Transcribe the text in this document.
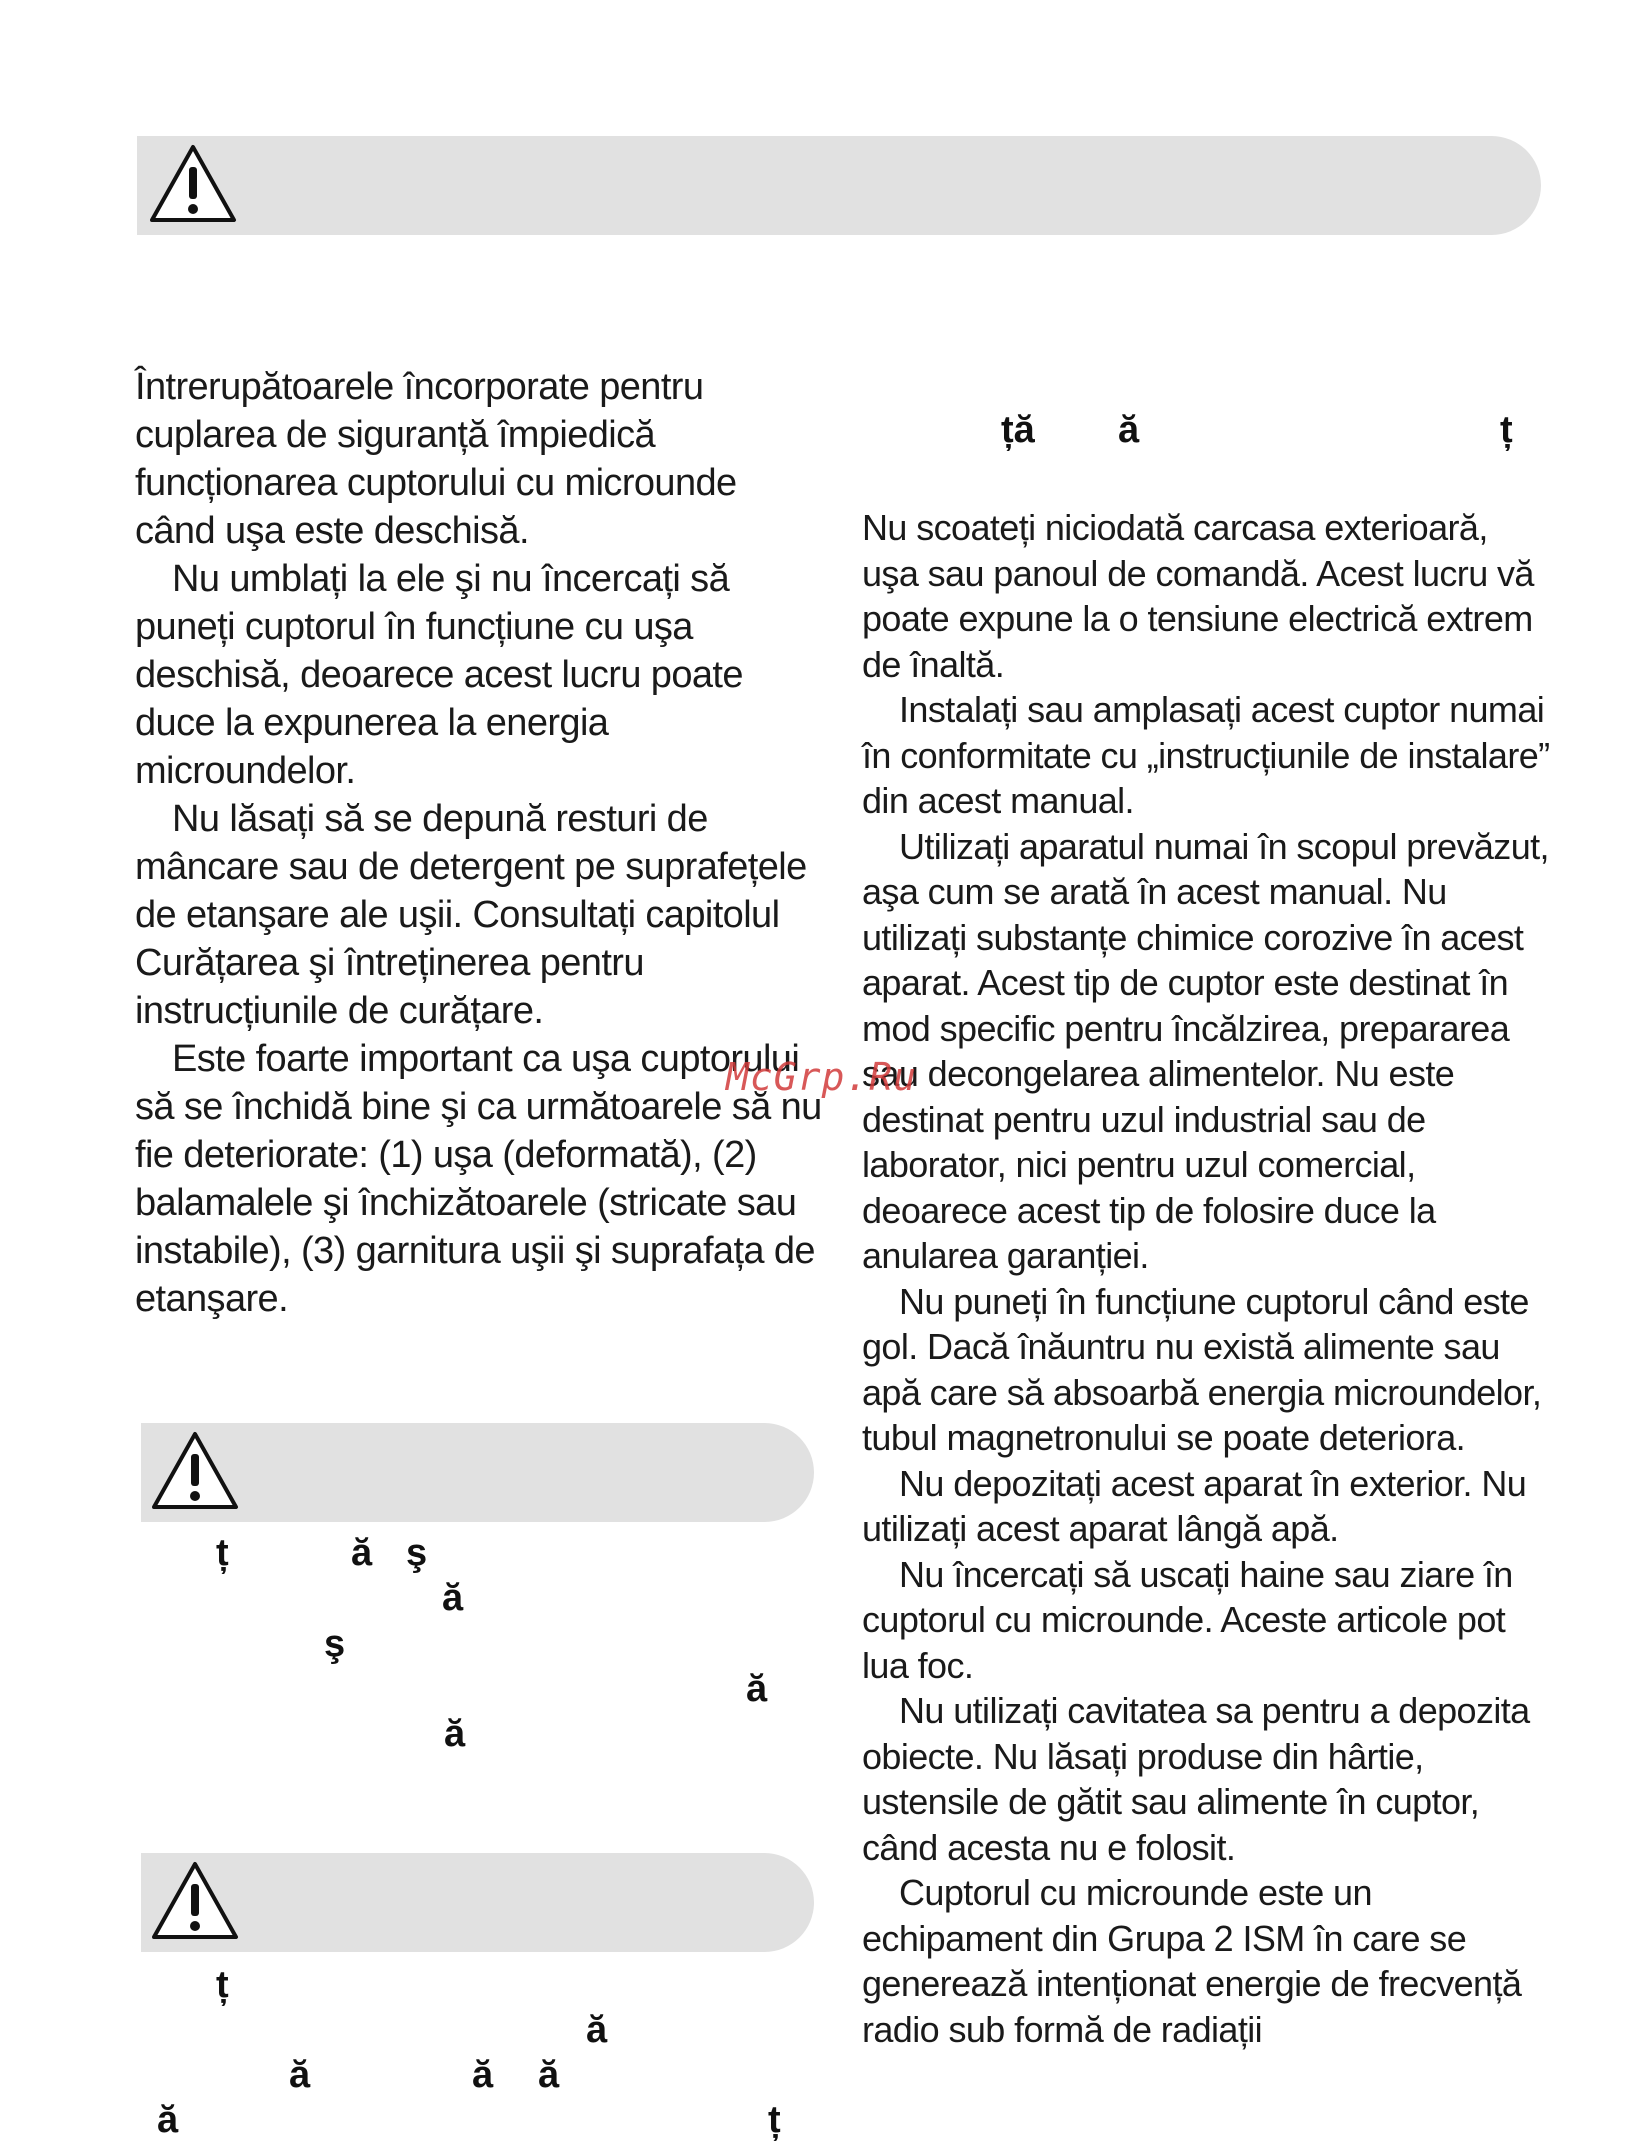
Întrerupătoarele încorporate pentru cuplarea de siguranță împiedică funcționarea cuptorului cu microunde când uşa este deschisă.

Nu umblați la ele şi nu încercați să puneți cuptorul în funcțiune cu uşa deschisă, deoarece acest lucru poate duce la expunerea la energia microundelor.

Nu lăsați să se depună resturi de mâncare sau de detergent pe suprafețele de etanşare ale uşii. Consultați capitolul Curățarea şi întreținerea pentru instrucțiunile de curățare.

Este foarte important ca uşa cuptorului să se închidă bine şi ca următoarele să nu fie deteriorate: (1) uşa (deformată), (2) balamalele şi închizătoarele (stricate sau instabile), (3) garnitura uşii şi suprafața de etanşare.

ță ă	ț

Nu scoateți niciodată carcasa exterioară, uşa sau panoul de comandă. Acest lucru vă poate expune la o tensiune electrică extrem de înaltă.

Instalați sau amplasați acest cuptor numai în conformitate cu „instrucțiunile de instalare” din acest manual.

Utilizați aparatul numai în scopul prevăzut, aşa cum se arată în acest manual. Nu utilizați substanțe chimice corozive în acest aparat. Acest tip de cuptor este destinat în mod specific pentru încălzirea, prepararea sau decongelarea alimentelor. Nu este destinat pentru uzul industrial sau de laborator, nici pentru uzul comercial, deoarece acest tip de folosire duce la anularea garanției.

Nu puneți în funcțiune cuptorul când este gol. Dacă înăuntru nu există alimente sau apă care să absoarbă energia microundelor, tubul magnetronului se poate deteriora.

Nu depozitați acest aparat în exterior. Nu utilizați acest aparat lângă apă.

Nu încercați să uscați haine sau ziare în cuptorul cu microunde. Aceste articole pot lua foc.

Nu utilizați cavitatea sa pentru a depozita obiecte. Nu lăsați produse din hârtie, ustensile de gătit sau alimente în cuptor, când acesta nu e folosit.

Cuptorul cu microunde este un echipament din Grupa 2 ISM în care se generează intenționat energie de frecvență radio sub formă de radiații

McGrp.Ru
ț	ă ş
ă
ş
ă
ă
ț
ă
ă	ă ă
ă	ț
